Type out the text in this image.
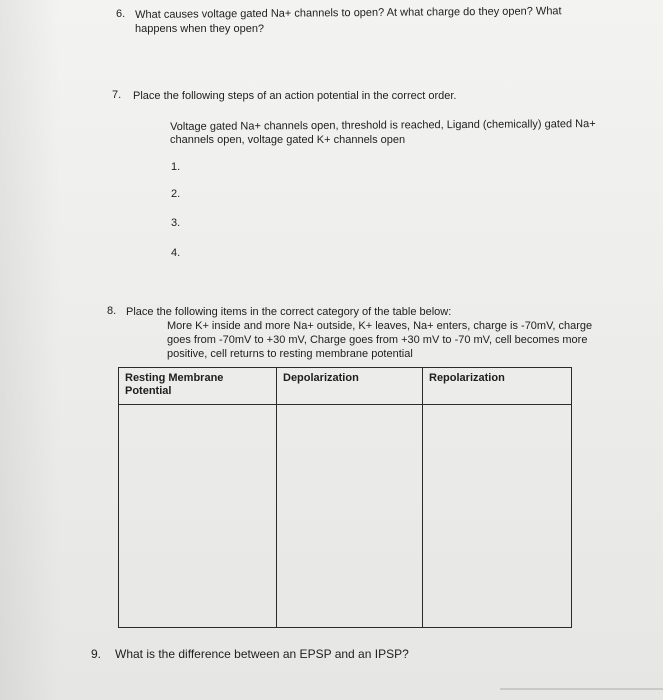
6. What causes voltage gated Na+ channels to open? At what charge do they open? What

happens when they open?

7. Place the following steps of an action potential in the correct order.

Voltage gated Na+ channels open, threshold is reached, Ligand (chemically) gated Na+

channels open, voltage gated K+ channels open

1.

2.

3.

4.

8. Place the following items in the correct category of the table below:

More K+ inside and more Na+ outside, K+ leaves, Na+ enters, charge is -70mV, charge

goes from -70mV to +30 mV, Charge goes from +30 mV to -70 mV, cell becomes more

positive, cell returns to resting membrane potential

Resting Membrane Potential	Depolarization	Repolarization

9. What is the difference between an EPSP and an IPSP?
